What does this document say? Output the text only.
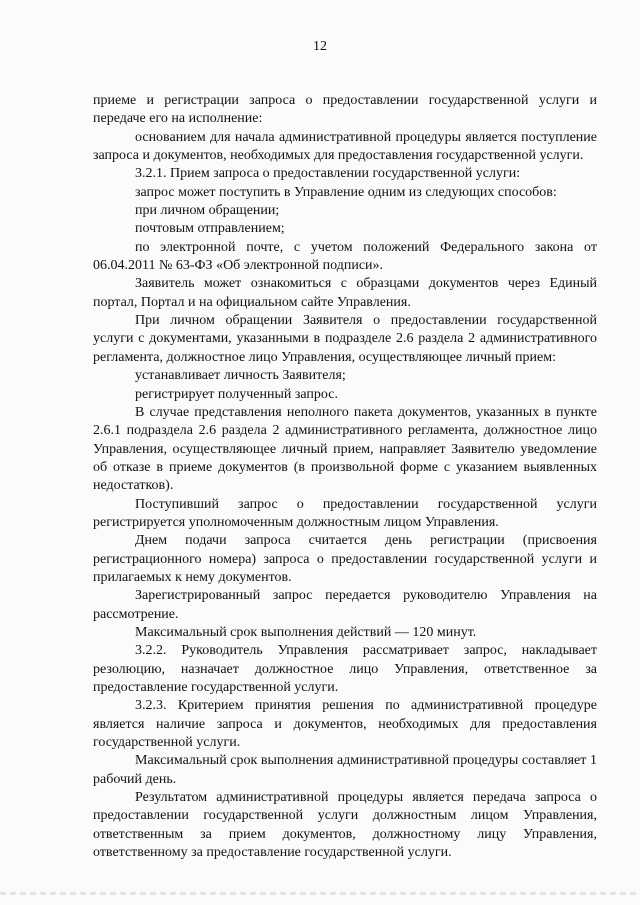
12

приеме и регистрации запроса о предоставлении государственной услуги и передаче его на исполнение:

основанием для начала административной процедуры является поступление запроса и документов, необходимых для предоставления государственной услуги.

3.2.1. Прием запроса о предоставлении государственной услуги:

запрос может поступить в Управление одним из следующих способов:

при личном обращении;

почтовым отправлением;

по электронной почте, с учетом положений Федерального закона от 06.04.2011 № 63-ФЗ «Об электронной подписи».

Заявитель может ознакомиться с образцами документов через Единый портал, Портал и на официальном сайте Управления.

При личном обращении Заявителя о предоставлении государственной услуги с документами, указанными в подразделе 2.6 раздела 2 административного регламента, должностное лицо Управления, осуществляющее личный прием:

устанавливает личность Заявителя;

регистрирует полученный запрос.

В случае представления неполного пакета документов, указанных в пункте 2.6.1 подраздела 2.6 раздела 2 административного регламента, должностное лицо Управления, осуществляющее личный прием, направляет Заявителю уведомление об отказе в приеме документов (в произвольной форме с указанием выявленных недостатков).

Поступивший запрос о предоставлении государственной услуги регистрируется уполномоченным должностным лицом Управления.

Днем подачи запроса считается день регистрации (присвоения регистрационного номера) запроса о предоставлении государственной услуги и прилагаемых к нему документов.

Зарегистрированный запрос передается руководителю Управления на рассмотрение.

Максимальный срок выполнения действий — 120 минут.

3.2.2. Руководитель Управления рассматривает запрос, накладывает резолюцию, назначает должностное лицо Управления, ответственное за предоставление государственной услуги.

3.2.3. Критерием принятия решения по административной процедуре является наличие запроса и документов, необходимых для предоставления государственной услуги.

Максимальный срок выполнения административной процедуры составляет 1 рабочий день.

Результатом административной процедуры является передача запроса о предоставлении государственной услуги должностным лицом Управления, ответственным за прием документов, должностному лицу Управления, ответственному за предоставление государственной услуги.
